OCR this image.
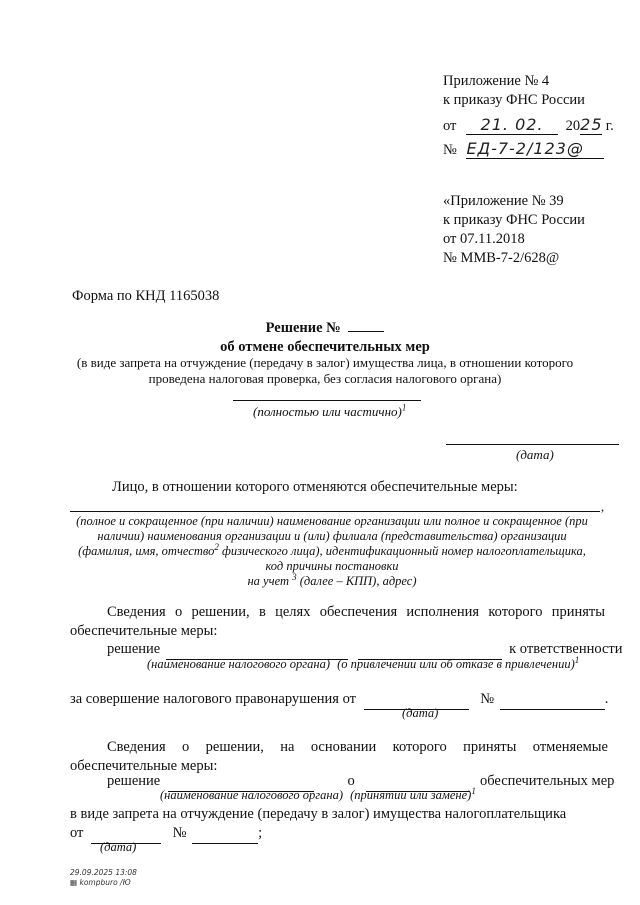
Приложение № 4
к приказу ФНС России
от 21. 02. 2025 г.
№ ЕД-7-2/123@
«Приложение № 39
к приказу ФНС России
от 07.11.2018
№ ММВ-7-2/628@
Форма по КНД 1165038
Решение №
об отмене обеспечительных мер
(в виде запрета на отчуждение (передачу в залог) имущества лица, в отношении которого
проведена налоговая проверка, без согласия налогового органа)
(полностью или частично)$^1$
(дата)
Лицо, в отношении которого отменяются обеспечительные меры:
,
(полное и сокращенное (при наличии) наименование организации или полное и сокращенное (при
наличии) наименования организации и (или) филиала (представительства) организации
(фамилия, имя, отчество$^2$ физического лица), идентификационный номер налогоплательщика,
код причины постановки
на учет $^3$ (далее – КПП), адрес)
Сведения о решении, в целях обеспечения исполнения которого приняты
обеспечительные меры:
решение	к ответственности
(наименование налогового органа) (о привлечении или об отказе в привлечении)$^1$
за совершение налогового правонарушения от	№	.
(дата)
Сведения о решении, на основании которого приняты отменяемые
обеспечительные меры:
решение	о	обеспечительных мер
(наименование налогового органа) (принятии или замене)$^1$
в виде запрета на отчуждение (передачу в залог) имущества налогоплательщика
от	№	;
(дата)
29.09.2025 13:08
▦ kompburo /Ю
